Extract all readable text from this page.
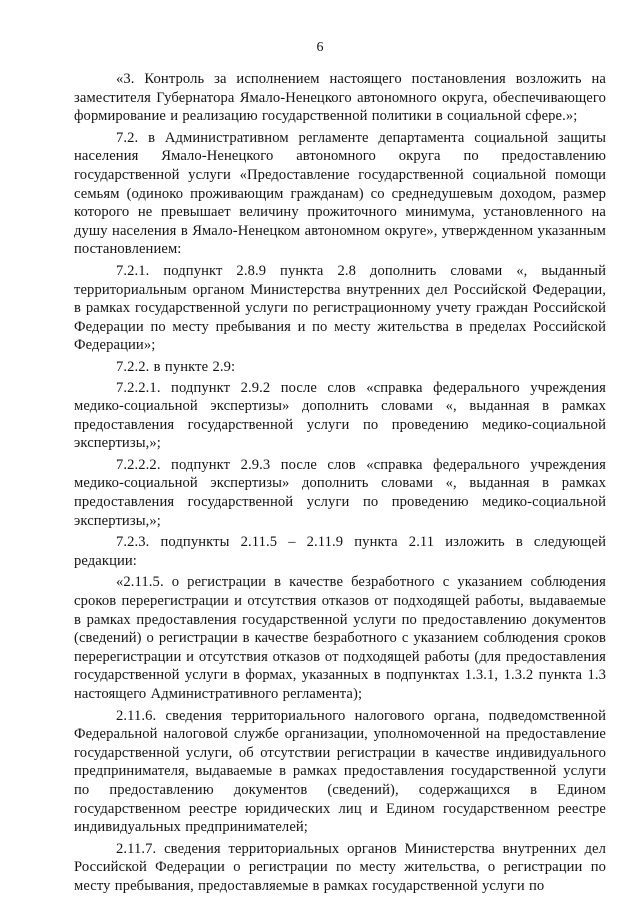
6

«3. Контроль за исполнением настоящего постановления возложить на заместителя Губернатора Ямало-Ненецкого автономного округа, обеспечивающего формирование и реализацию государственной политики в социальной сфере.»;

7.2. в Административном регламенте департамента социальной защиты населения Ямало-Ненецкого автономного округа по предоставлению государственной услуги «Предоставление государственной социальной помощи семьям (одиноко проживающим гражданам) со среднедушевым доходом, размер которого не превышает величину прожиточного минимума, установленного на душу населения в Ямало-Ненецком автономном округе», утвержденном указанным постановлением:

7.2.1. подпункт 2.8.9 пункта 2.8 дополнить словами «, выданный территориальным органом Министерства внутренних дел Российской Федерации, в рамках государственной услуги по регистрационному учету граждан Российской Федерации по месту пребывания и по месту жительства в пределах Российской Федерации»;

7.2.2. в пункте 2.9:

7.2.2.1. подпункт 2.9.2 после слов «справка федерального учреждения медико-социальной экспертизы» дополнить словами «, выданная в рамках предоставления государственной услуги по проведению медико-социальной экспертизы,»;

7.2.2.2. подпункт 2.9.3 после слов «справка федерального учреждения медико-социальной экспертизы» дополнить словами «, выданная в рамках предоставления государственной услуги по проведению медико-социальной экспертизы,»;

7.2.3. подпункты 2.11.5 – 2.11.9 пункта 2.11 изложить в следующей редакции:

«2.11.5. о регистрации в качестве безработного с указанием соблюдения сроков перерегистрации и отсутствия отказов от подходящей работы, выдаваемые в рамках предоставления государственной услуги по предоставлению документов (сведений) о регистрации в качестве безработного с указанием соблюдения сроков перерегистрации и отсутствия отказов от подходящей работы (для предоставления государственной услуги в формах, указанных в подпунктах 1.3.1, 1.3.2 пункта 1.3 настоящего Административного регламента);

2.11.6. сведения территориального налогового органа, подведомственной Федеральной налоговой службе организации, уполномоченной на предоставление государственной услуги, об отсутствии регистрации в качестве индивидуального предпринимателя, выдаваемые в рамках предоставления государственной услуги по предоставлению документов (сведений), содержащихся в Едином государственном реестре юридических лиц и Едином государственном реестре индивидуальных предпринимателей;

2.11.7. сведения территориальных органов Министерства внутренних дел Российской Федерации о регистрации по месту жительства, о регистрации по месту пребывания, предоставляемые в рамках государственной услуги по
